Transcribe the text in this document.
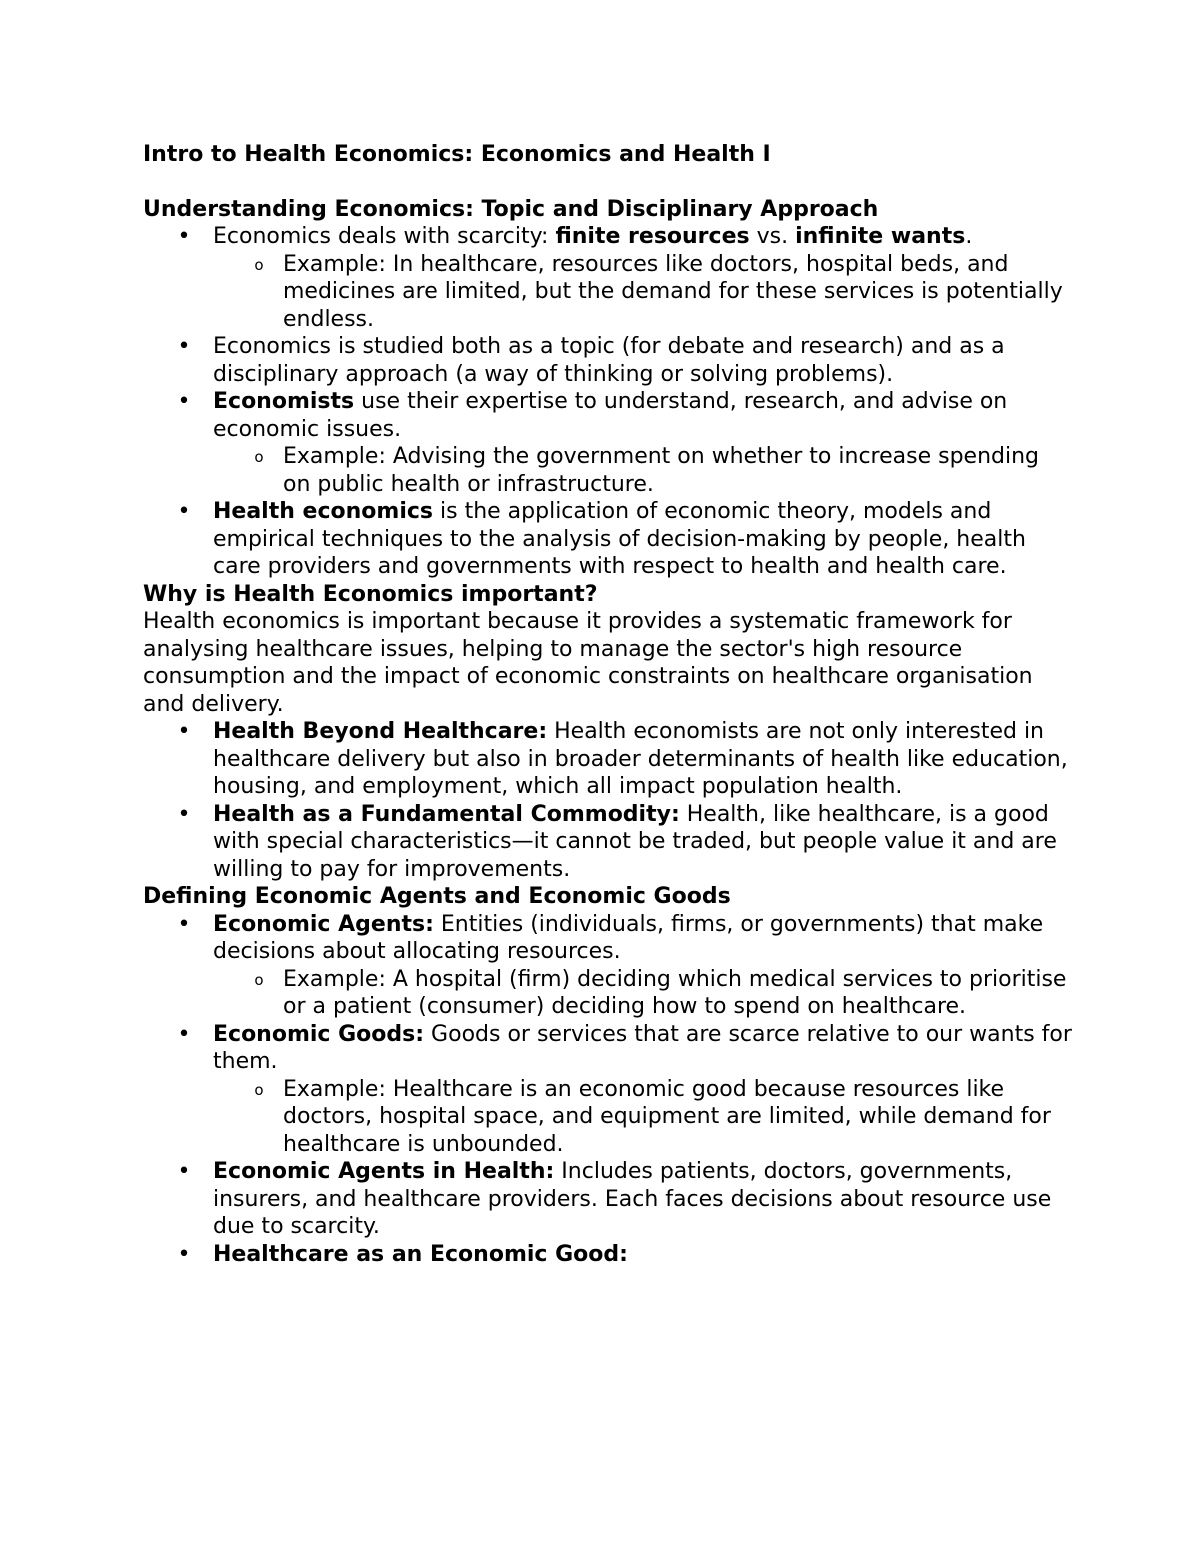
Intro to Health Economics: Economics and Health I

Understanding Economics: Topic and Disciplinary Approach

• Economics deals with scarcity: finite resources vs. infinite wants.
o Example: In healthcare, resources like doctors, hospital beds, and medicines are limited, but the demand for these services is potentially endless.
• Economics is studied both as a topic (for debate and research) and as a disciplinary approach (a way of thinking or solving problems).
• Economists use their expertise to understand, research, and advise on economic issues.
o Example: Advising the government on whether to increase spending on public health or infrastructure.
• Health economics is the application of economic theory, models and empirical techniques to the analysis of decision-making by people, health care providers and governments with respect to health and health care.

Why is Health Economics important?

Health economics is important because it provides a systematic framework for analysing healthcare issues, helping to manage the sector's high resource consumption and the impact of economic constraints on healthcare organisation and delivery.

• Health Beyond Healthcare: Health economists are not only interested in healthcare delivery but also in broader determinants of health like education, housing, and employment, which all impact population health.
• Health as a Fundamental Commodity: Health, like healthcare, is a good with special characteristics—it cannot be traded, but people value it and are willing to pay for improvements.

Defining Economic Agents and Economic Goods

• Economic Agents: Entities (individuals, firms, or governments) that make decisions about allocating resources.
o Example: A hospital (firm) deciding which medical services to prioritise or a patient (consumer) deciding how to spend on healthcare.
• Economic Goods: Goods or services that are scarce relative to our wants for them.
o Example: Healthcare is an economic good because resources like doctors, hospital space, and equipment are limited, while demand for healthcare is unbounded.
• Economic Agents in Health: Includes patients, doctors, governments, insurers, and healthcare providers. Each faces decisions about resource use due to scarcity.
• Healthcare as an Economic Good:
